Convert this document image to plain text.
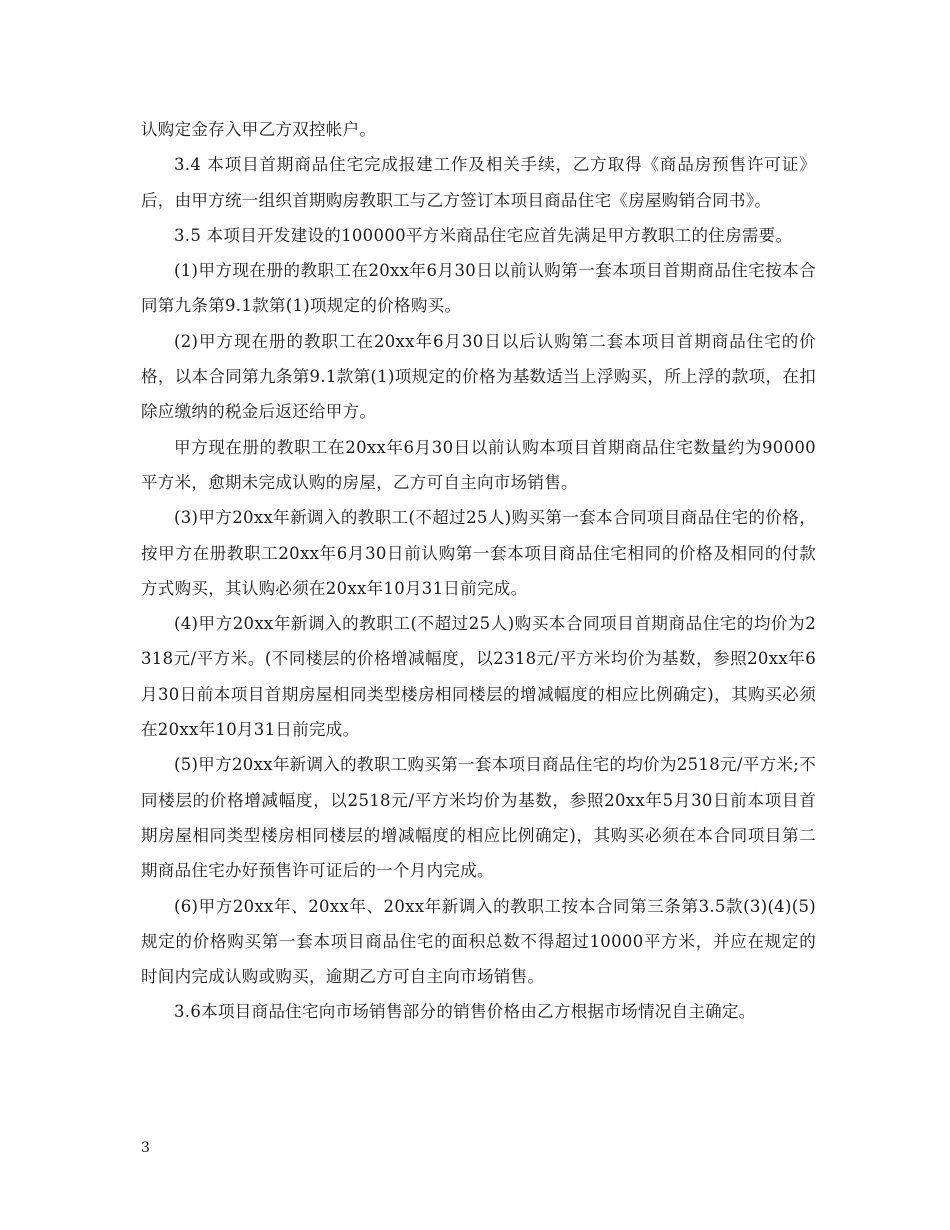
认购定金存入甲乙方双控帐户。

3.4 本项目首期商品住宅完成报建工作及相关手续，乙方取得《商品房预售许可证》后，由甲方统一组织首期购房教职工与乙方签订本项目商品住宅《房屋购销合同书》。

3.5 本项目开发建设的100000平方米商品住宅应首先满足甲方教职工的住房需要。

(1)甲方现在册的教职工在20xx年6月30日以前认购第一套本项目首期商品住宅按本合同第九条第9.1款第(1)项规定的价格购买。

(2)甲方现在册的教职工在20xx年6月30日以后认购第二套本项目首期商品住宅的价格，以本合同第九条第9.1款第(1)项规定的价格为基数适当上浮购买，所上浮的款项，在扣除应缴纳的税金后返还给甲方。

甲方现在册的教职工在20xx年6月30日以前认购本项目首期商品住宅数量约为90000平方米，愈期未完成认购的房屋，乙方可自主向市场销售。

(3)甲方20xx年新调入的教职工(不超过25人)购买第一套本合同项目商品住宅的价格，按甲方在册教职工20xx年6月30日前认购第一套本项目商品住宅相同的价格及相同的付款方式购买，其认购必须在20xx年10月31日前完成。

(4)甲方20xx年新调入的教职工(不超过25人)购买本合同项目首期商品住宅的均价为2318元/平方米。(不同楼层的价格增减幅度，以2318元/平方米均价为基数，参照20xx年6月30日前本项目首期房屋相同类型楼房相同楼层的增减幅度的相应比例确定)，其购买必须在20xx年10月31日前完成。

(5)甲方20xx年新调入的教职工购买第一套本项目商品住宅的均价为2518元/平方米;不同楼层的价格增减幅度，以2518元/平方米均价为基数，参照20xx年5月30日前本项目首期房屋相同类型楼房相同楼层的增减幅度的相应比例确定)，其购买必须在本合同项目第二期商品住宅办好预售许可证后的一个月内完成。

(6)甲方20xx年、20xx年、20xx年新调入的教职工按本合同第三条第3.5款(3)(4)(5)规定的价格购买第一套本项目商品住宅的面积总数不得超过10000平方米，并应在规定的时间内完成认购或购买，逾期乙方可自主向市场销售。

3.6本项目商品住宅向市场销售部分的销售价格由乙方根据市场情况自主确定。

3
